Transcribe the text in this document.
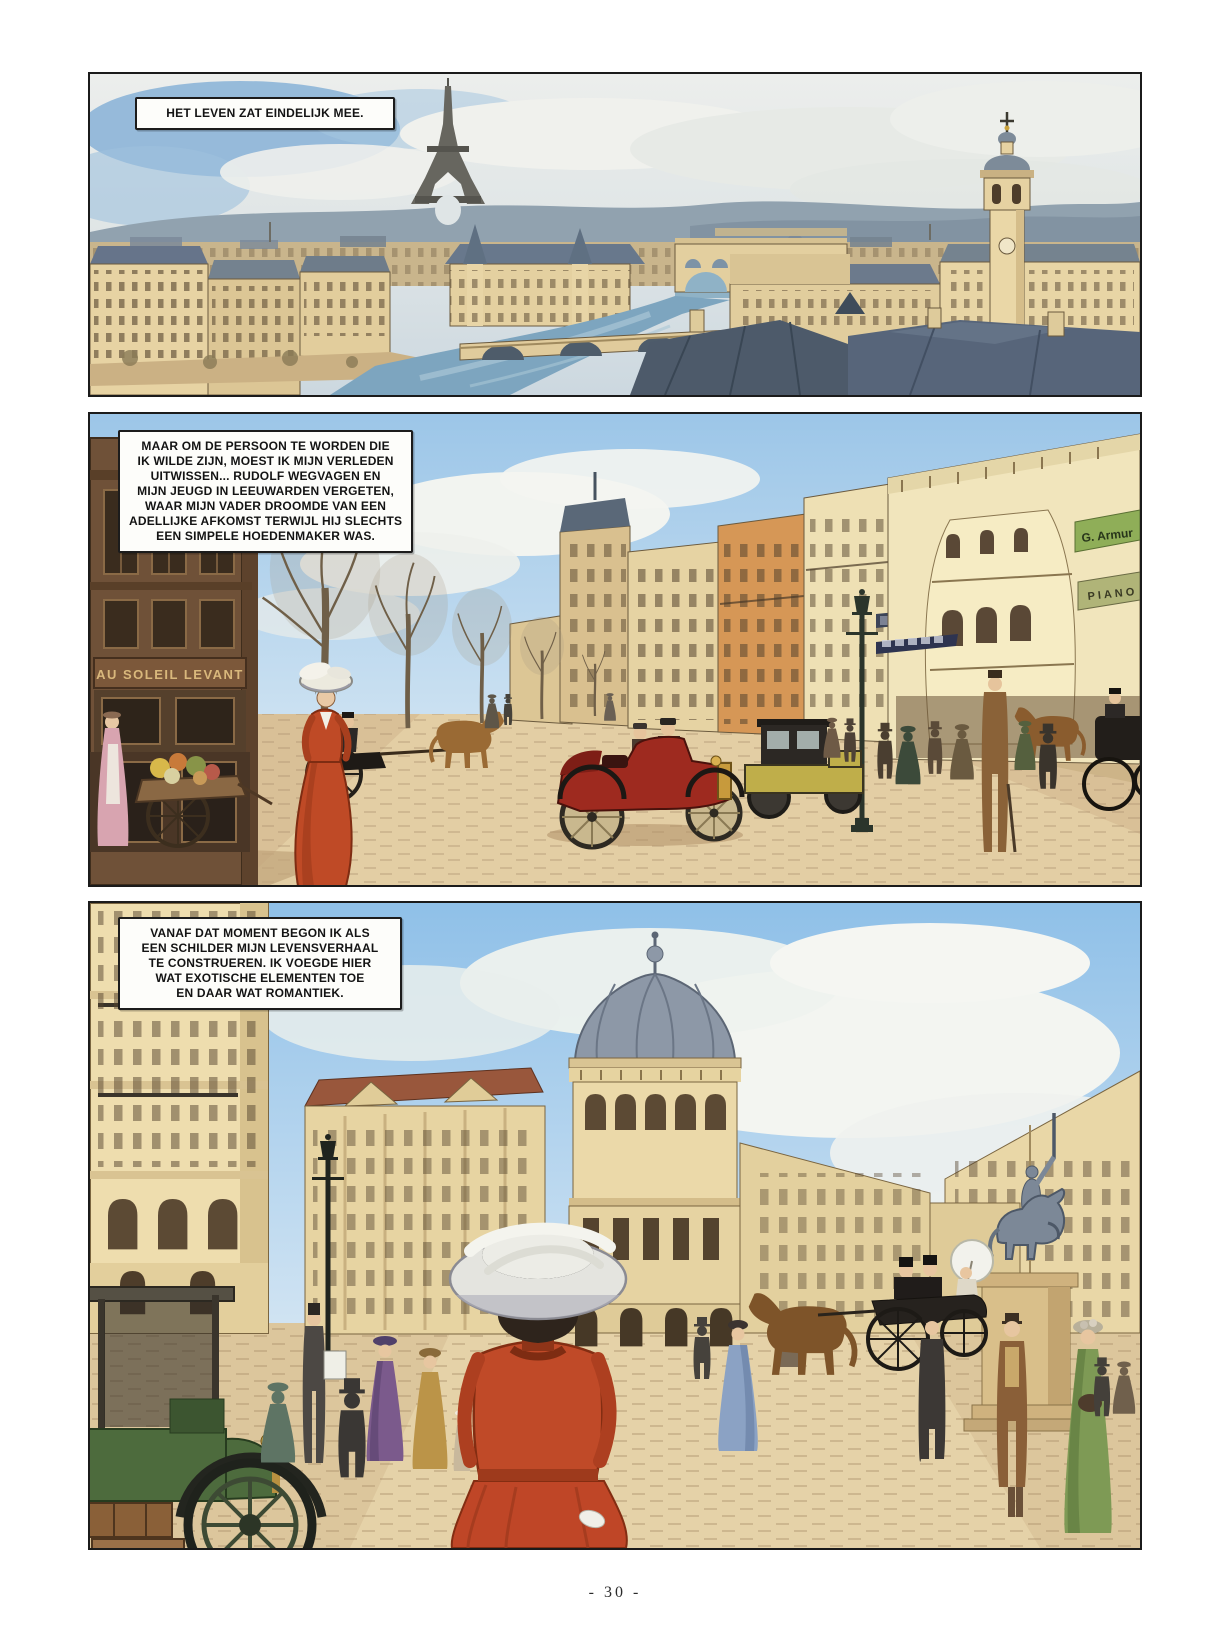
HET LEVEN ZAT EINDELIJK MEE.
G. Armur
PIANO
AU SOLEIL LEVANT
MAAR OM DE PERSOON TE WORDEN DIE
IK WILDE ZIJN, MOEST IK MIJN VERLEDEN
UITWISSEN... RUDOLF WEGVAGEN EN
MIJN JEUGD IN LEEUWARDEN VERGETEN,
WAAR MIJN VADER DROOMDE VAN EEN
ADELLIJKE AFKOMST TERWIJL HIJ SLECHTS
EEN SIMPELE HOEDENMAKER WAS.
VANAF DAT MOMENT BEGON IK ALS
EEN SCHILDER MIJN LEVENSVERHAAL
TE CONSTRUEREN. IK VOEGDE HIER
WAT EXOTISCHE ELEMENTEN TOE
EN DAAR WAT ROMANTIEK.
- 30 -
